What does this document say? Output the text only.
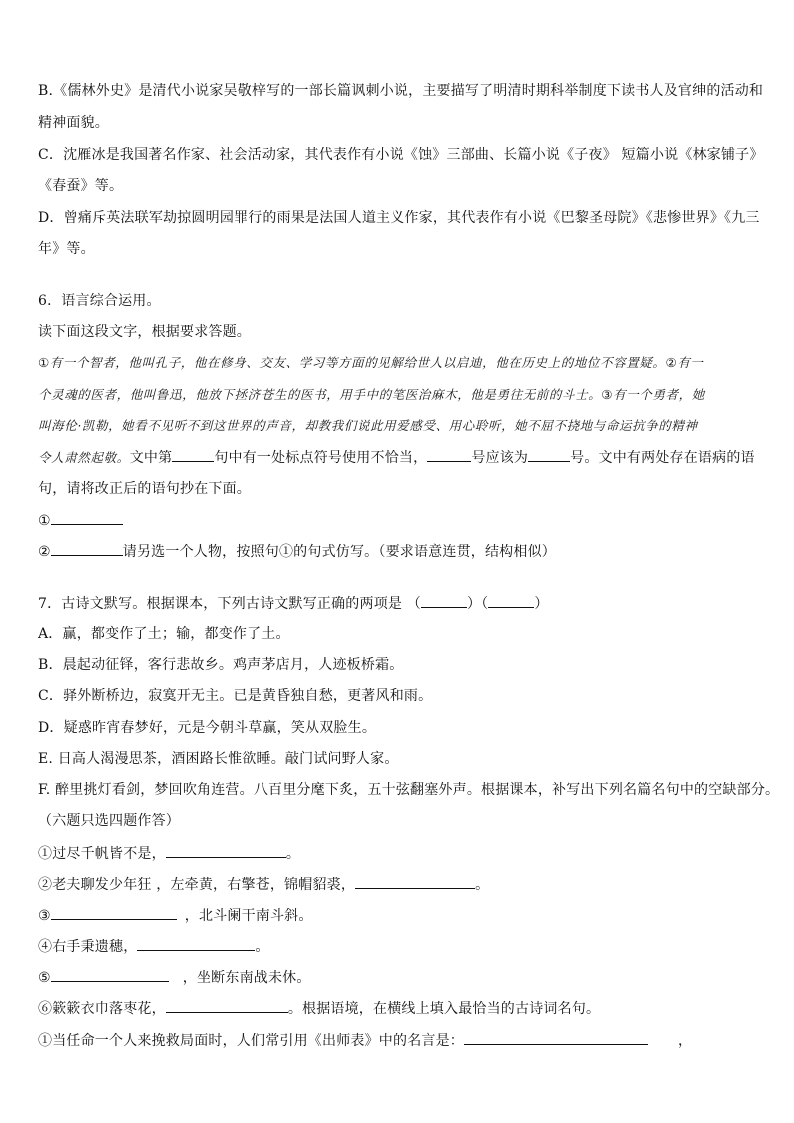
B.《儒林外史》是清代小说家吴敬梓写的一部长篇讽刺小说，主要描写了明清时期科举制度下读书人及官绅的活动和
精神面貌。
C．沈雁冰是我国著名作家、社会活动家，其代表作有小说《蚀》三部曲、长篇小说《子夜》 短篇小说《林家铺子》
《春蚕》等。
D．曾痛斥英法联军劫掠圆明园罪行的雨果是法国人道主义作家，其代表作有小说《巴黎圣母院》《悲惨世界》《九三
年》等。
6．语言综合运用。
读下面这段文字，根据要求答题。
①有一个智者，他叫孔子，他在修身、交友、学习等方面的见解给世人以启迪，他在历史上的地位不容置疑。②有一
个灵魂的医者，他叫鲁迅，他放下拯济苍生的医书，用手中的笔医治麻木，他是勇往无前的斗士。③有一个勇者，她
叫海伦·凯勒，她看不见听不到这世界的声音，却教我们说此用爱感受、用心聆听，她不屈不挠地与命运抗争的精神
令人肃然起敬。文中第	句中有一处标点符号使用不恰当，	号应该为	号。文中有两处存在语病的语
句，请将改正后的语句抄在下面。
①
②	请另选一个人物，按照句①的句式仿写。（要求语意连贯，结构相似）
7．古诗文默写。根据课本，下列古诗文默写正确的两项是 （	）（	）
A．赢，都变作了土；输，都变作了土。
B．晨起动征铎，客行悲故乡。鸡声茅店月，人迹板桥霜。
C．驿外断桥边，寂寞开无主。已是黄昏独自愁，更著风和雨。
D．疑惑昨宵春梦好，元是今朝斗草赢，笑从双脸生。
E. 日高人渴漫思茶，酒困路长惟欲睡。敲门试问野人家。
F. 醉里挑灯看剑，梦回吹角连营。八百里分麾下炙，五十弦翻塞外声。根据课本，补写出下列名篇名句中的空缺部分。
（六题只选四题作答）
①过尽千帆皆不是，	。
②老夫聊发少年狂 ，左牵黄，右擎苍，锦帽貂裘，	。
③	，北斗阑干南斗斜。
④右手秉遗穗，	。
⑤	，坐断东南战未休。
⑥簌簌衣巾落枣花，	。根据语境，在横线上填入最恰当的古诗词名句。
①当任命一个人来挽救局面时，人们常引用《出师表》中的名言是：	，
